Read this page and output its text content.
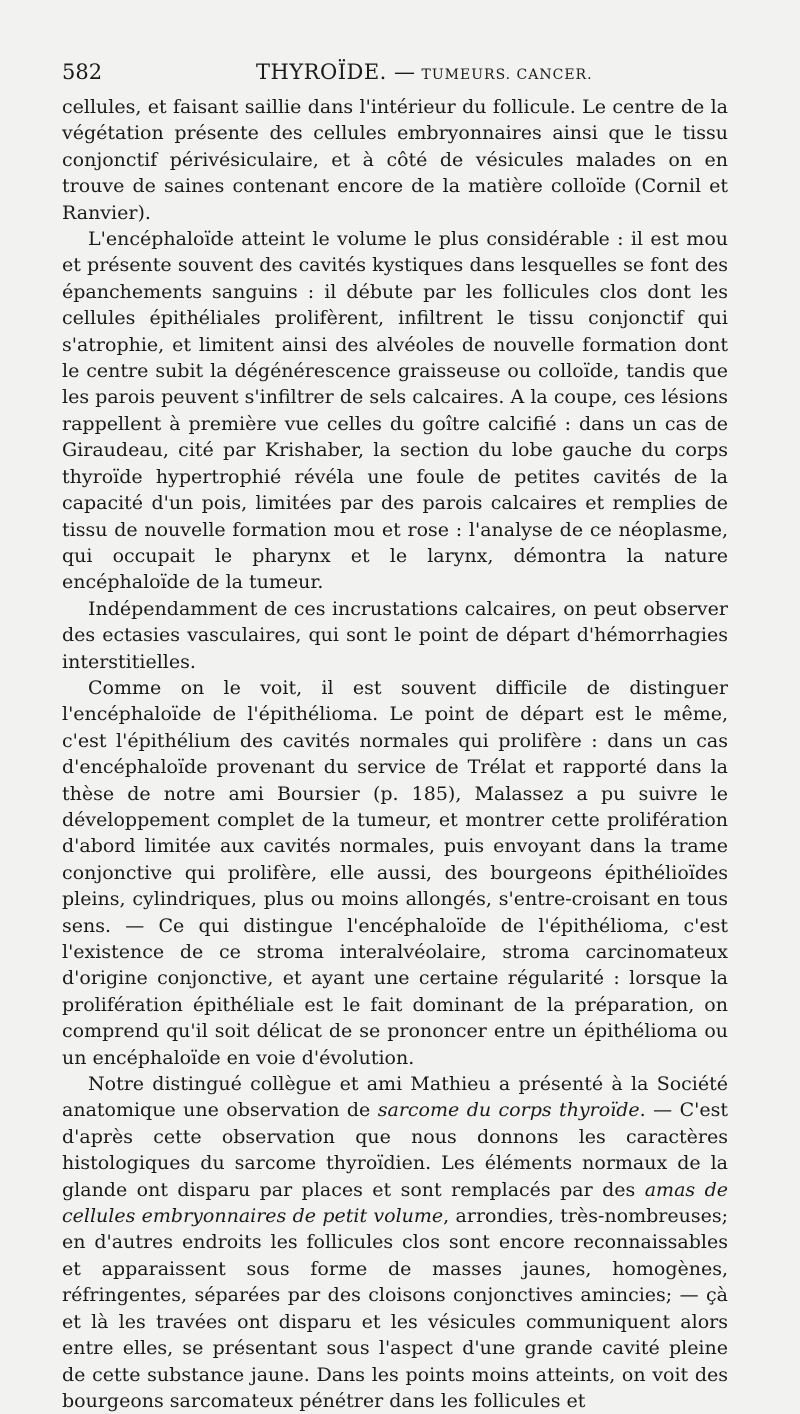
582	THYROÏDE. — TUMEURS. CANCER.

cellules, et faisant saillie dans l'intérieur du follicule. Le centre de la végétation présente des cellules embryonnaires ainsi que le tissu conjonctif périvésiculaire, et à côté de vésicules malades on en trouve de saines contenant encore de la matière colloïde (Cornil et Ranvier).

L'encéphaloïde atteint le volume le plus considérable : il est mou et présente souvent des cavités kystiques dans lesquelles se font des épanchements sanguins : il débute par les follicules clos dont les cellules épithéliales prolifèrent, infiltrent le tissu conjonctif qui s'atrophie, et limitent ainsi des alvéoles de nouvelle formation dont le centre subit la dégénérescence graisseuse ou colloïde, tandis que les parois peuvent s'infiltrer de sels calcaires. A la coupe, ces lésions rappellent à première vue celles du goître calcifié : dans un cas de Giraudeau, cité par Krishaber, la section du lobe gauche du corps thyroïde hypertrophié révéla une foule de petites cavités de la capacité d'un pois, limitées par des parois calcaires et remplies de tissu de nouvelle formation mou et rose : l'analyse de ce néoplasme, qui occupait le pharynx et le larynx, démontra la nature encéphaloïde de la tumeur.

Indépendamment de ces incrustations calcaires, on peut observer des ectasies vasculaires, qui sont le point de départ d'hémorrhagies interstitielles.

Comme on le voit, il est souvent difficile de distinguer l'encéphaloïde de l'épithélioma. Le point de départ est le même, c'est l'épithélium des cavités normales qui prolifère : dans un cas d'encéphaloïde provenant du service de Trélat et rapporté dans la thèse de notre ami Boursier (p. 185), Malassez a pu suivre le développement complet de la tumeur, et montrer cette prolifération d'abord limitée aux cavités normales, puis envoyant dans la trame conjonctive qui prolifère, elle aussi, des bourgeons épithélioïdes pleins, cylindriques, plus ou moins allongés, s'entre-croisant en tous sens. — Ce qui distingue l'encéphaloïde de l'épithélioma, c'est l'existence de ce stroma interalvéolaire, stroma carcinomateux d'origine conjonctive, et ayant une certaine régularité : lorsque la prolifération épithéliale est le fait dominant de la préparation, on comprend qu'il soit délicat de se prononcer entre un épithélioma ou un encéphaloïde en voie d'évolution.

Notre distingué collègue et ami Mathieu a présenté à la Société anatomique une observation de sarcome du corps thyroïde. — C'est d'après cette observation que nous donnons les caractères histologiques du sarcome thyroïdien. Les éléments normaux de la glande ont disparu par places et sont remplacés par des amas de cellules embryonnaires de petit volume, arrondies, très-nombreuses; en d'autres endroits les follicules clos sont encore reconnaissables et apparaissent sous forme de masses jaunes, homogènes, réfringentes, séparées par des cloisons conjonctives amincies; — çà et là les travées ont disparu et les vésicules communiquent alors entre elles, se présentant sous l'aspect d'une grande cavité pleine de cette substance jaune. Dans les points moins atteints, on voit des bourgeons sarcomateux pénétrer dans les follicules et
